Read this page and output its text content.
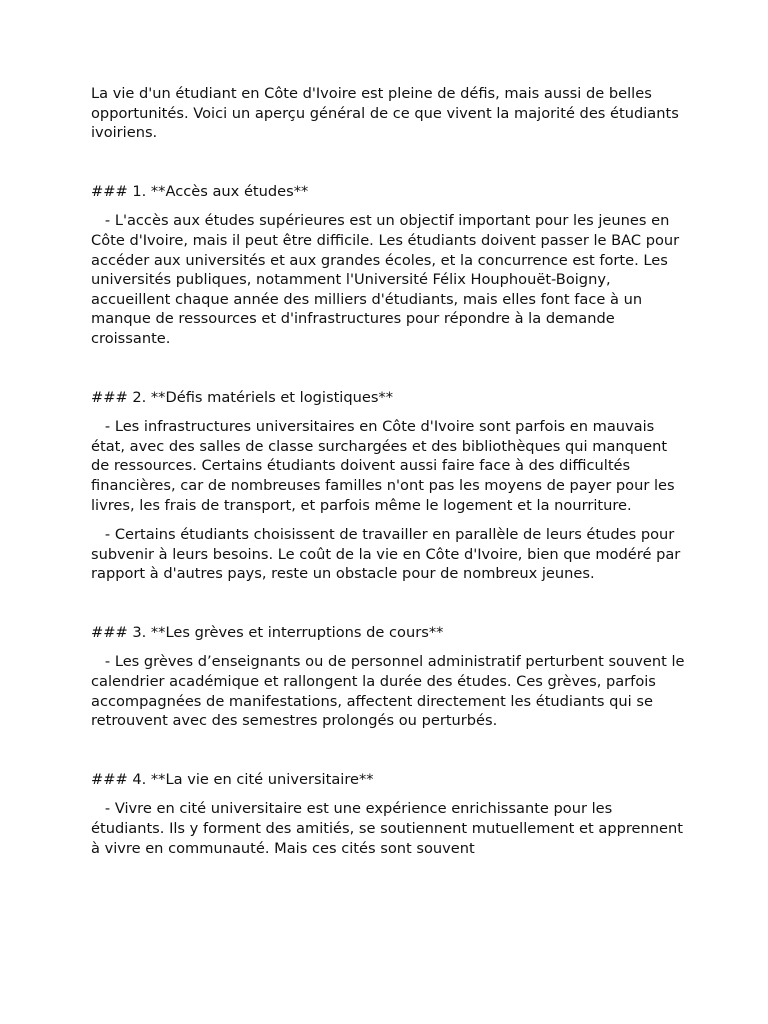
La vie d'un étudiant en Côte d'Ivoire est pleine de défis, mais aussi de belles opportunités. Voici un aperçu général de ce que vivent la majorité des étudiants ivoiriens.

### 1. **Accès aux études**

- L'accès aux études supérieures est un objectif important pour les jeunes en Côte d'Ivoire, mais il peut être difficile. Les étudiants doivent passer le BAC pour accéder aux universités et aux grandes écoles, et la concurrence est forte. Les universités publiques, notamment l'Université Félix Houphouët-Boigny, accueillent chaque année des milliers d'étudiants, mais elles font face à un manque de ressources et d'infrastructures pour répondre à la demande croissante.

### 2. **Défis matériels et logistiques**

- Les infrastructures universitaires en Côte d'Ivoire sont parfois en mauvais état, avec des salles de classe surchargées et des bibliothèques qui manquent de ressources. Certains étudiants doivent aussi faire face à des difficultés financières, car de nombreuses familles n'ont pas les moyens de payer pour les livres, les frais de transport, et parfois même le logement et la nourriture.

- Certains étudiants choisissent de travailler en parallèle de leurs études pour subvenir à leurs besoins. Le coût de la vie en Côte d'Ivoire, bien que modéré par rapport à d'autres pays, reste un obstacle pour de nombreux jeunes.

### 3. **Les grèves et interruptions de cours**

- Les grèves d’enseignants ou de personnel administratif perturbent souvent le calendrier académique et rallongent la durée des études. Ces grèves, parfois accompagnées de manifestations, affectent directement les étudiants qui se retrouvent avec des semestres prolongés ou perturbés.

### 4. **La vie en cité universitaire**

- Vivre en cité universitaire est une expérience enrichissante pour les étudiants. Ils y forment des amitiés, se soutiennent mutuellement et apprennent à vivre en communauté. Mais ces cités sont souvent
